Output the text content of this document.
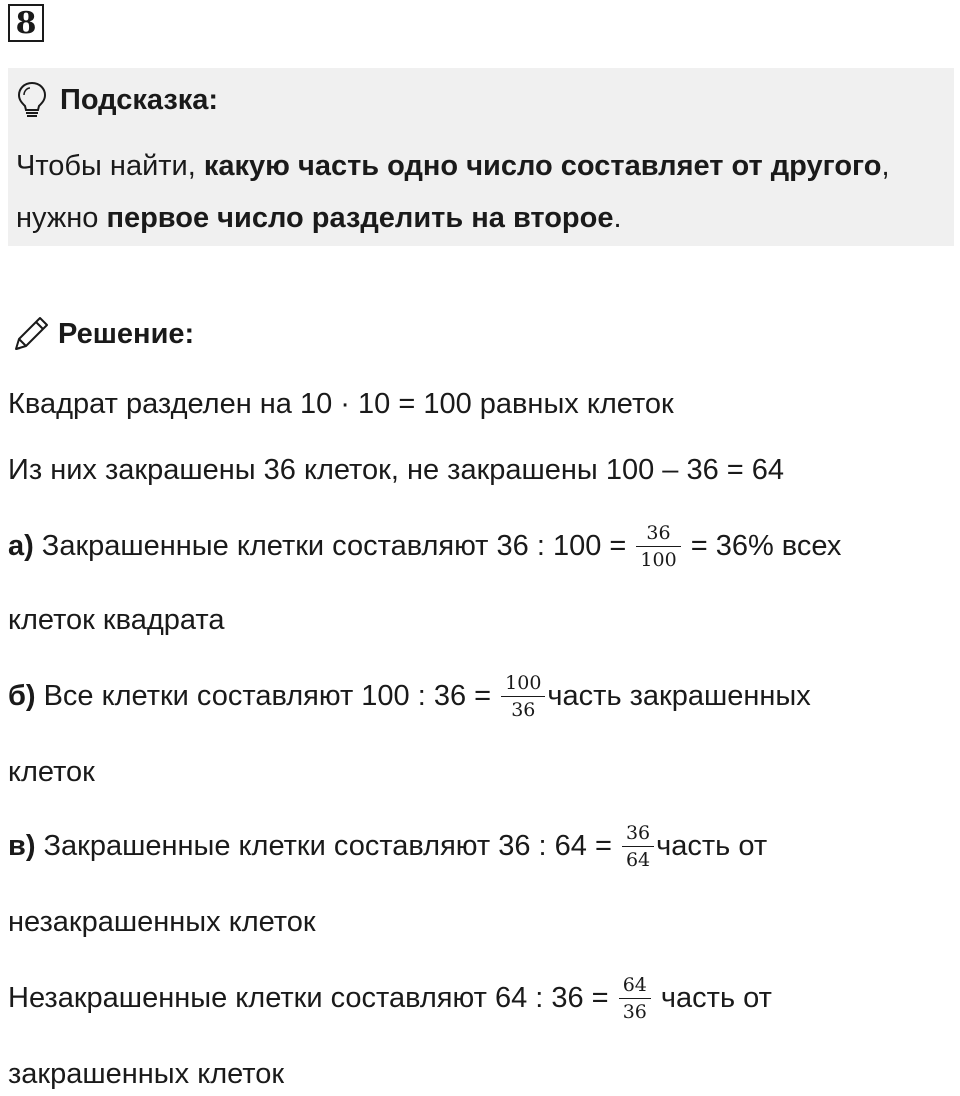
8
Подсказка:
Чтобы найти, какую часть одно число составляет от другого, нужно первое число разделить на второе.
Решение:
Квадрат разделен на 10 · 10 = 100 равных клеток
Из них закрашены 36 клеток, не закрашены 100 – 36 = 64
а) Закрашенные клетки составляют 36 : $100 = \frac{36}{100} = 36\%$ всех
клеток квадрата
б) Все клетки составляют 100 : $36 = \frac{100}{36}$ часть закрашенных
клеток
в) Закрашенные клетки составляют 36 : $64 = \frac{36}{64}$ часть от
незакрашенных клеток
Незакрашенные клетки составляют 64 : $36 = \frac{64}{36}$ часть от
закрашенных клеток
